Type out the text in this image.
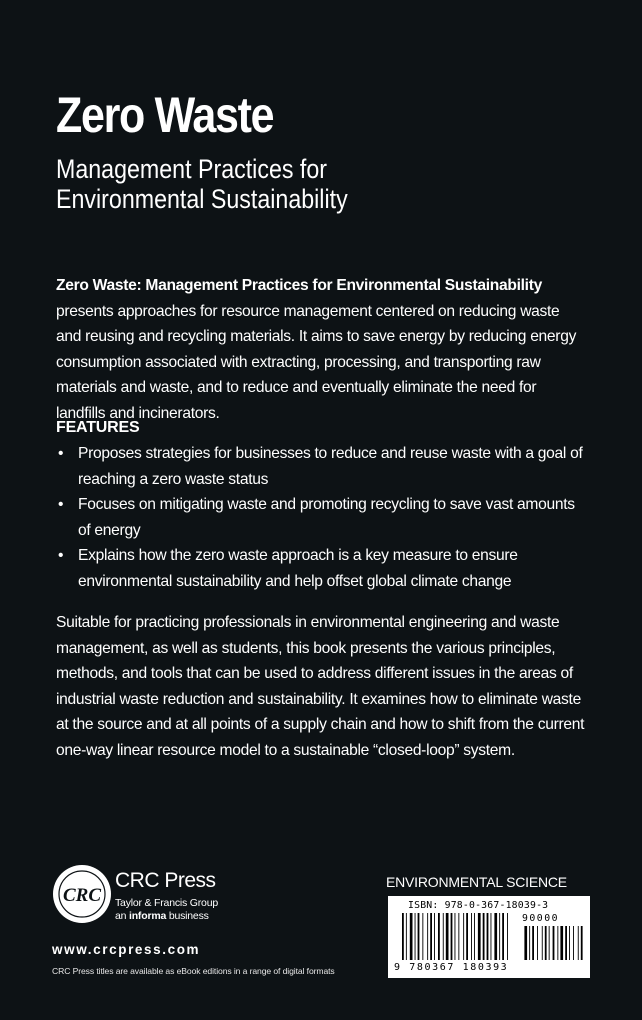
Zero Waste
Management Practices for
Environmental Sustainability
Zero Waste: Management Practices for Environmental Sustainability presents approaches for resource management centered on reducing waste and reusing and recycling materials. It aims to save energy by reducing energy consumption associated with extracting, processing, and transporting raw materials and waste, and to reduce and eventually eliminate the need for landfills and incinerators.
FEATURES
• Proposes strategies for businesses to reduce and reuse waste with a goal of reaching a zero waste status
• Focuses on mitigating waste and promoting recycling to save vast amounts of energy
• Explains how the zero waste approach is a key measure to ensure environmental sustainability and help offset global climate change
Suitable for practicing professionals in environmental engineering and waste management, as well as students, this book presents the various principles, methods, and tools that can be used to address different issues in the areas of industrial waste reduction and sustainability. It examines how to eliminate waste at the source and at all points of a supply chain and how to shift from the current one-way linear resource model to a sustainable “closed-loop” system.
CRC
CRC Press
Taylor & Francis Group
an informa business
www.crcpress.com
CRC Press titles are available as eBook editions in a range of digital formats
ENVIRONMENTAL SCIENCE
ISBN: 978-0-367-18039-3
90000
9 780367 180393
